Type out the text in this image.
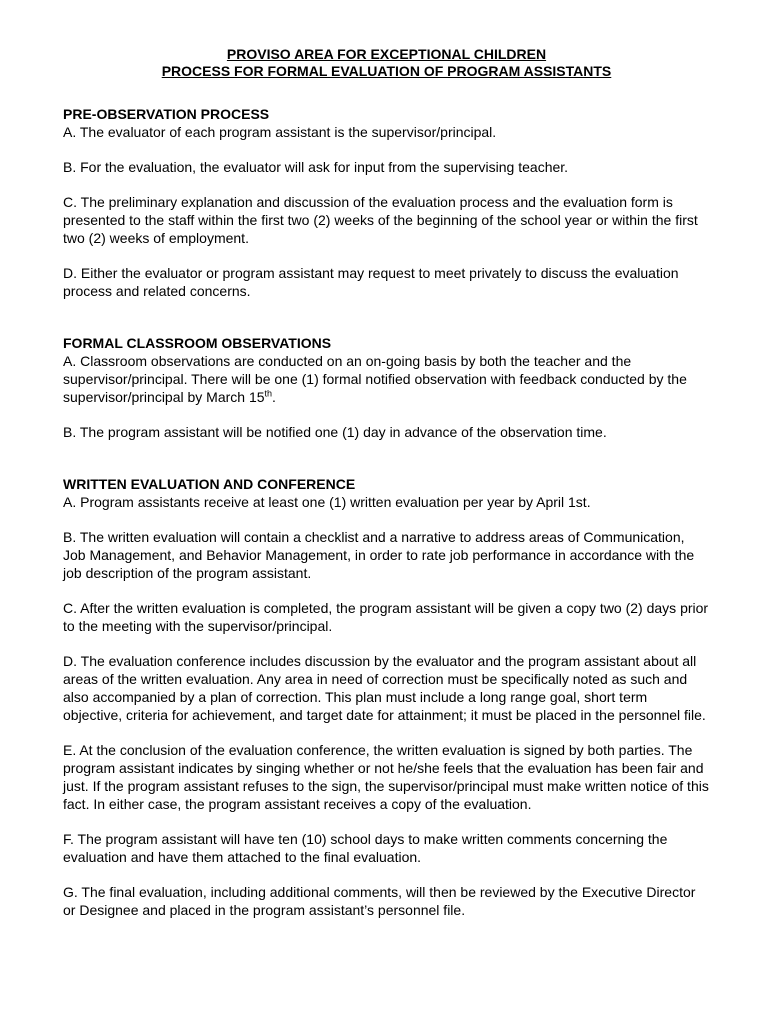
PROVISO AREA FOR EXCEPTIONAL CHILDREN
PROCESS FOR FORMAL EVALUATION OF PROGRAM ASSISTANTS
PRE-OBSERVATION PROCESS

A. The evaluator of each program assistant is the supervisor/principal.

B. For the evaluation, the evaluator will ask for input from the supervising teacher.

C. The preliminary explanation and discussion of the evaluation process and the evaluation form is presented to the staff within the first two (2) weeks of the beginning of the school year or within the first two (2) weeks of employment.

D. Either the evaluator or program assistant may request to meet privately to discuss the evaluation process and related concerns.

FORMAL CLASSROOM OBSERVATIONS

A. Classroom observations are conducted on an on-going basis by both the teacher and the supervisor/principal. There will be one (1) formal notified observation with feedback conducted by the supervisor/principal by March 15th.

B. The program assistant will be notified one (1) day in advance of the observation time.

WRITTEN EVALUATION AND CONFERENCE

A. Program assistants receive at least one (1) written evaluation per year by April 1st.

B. The written evaluation will contain a checklist and a narrative to address areas of Communication, Job Management, and Behavior Management, in order to rate job performance in accordance with the job description of the program assistant.

C. After the written evaluation is completed, the program assistant will be given a copy two (2) days prior to the meeting with the supervisor/principal.

D. The evaluation conference includes discussion by the evaluator and the program assistant about all areas of the written evaluation. Any area in need of correction must be specifically noted as such and also accompanied by a plan of correction. This plan must include a long range goal, short term objective, criteria for achievement, and target date for attainment; it must be placed in the personnel file.

E. At the conclusion of the evaluation conference, the written evaluation is signed by both parties. The program assistant indicates by singing whether or not he/she feels that the evaluation has been fair and just. If the program assistant refuses to the sign, the supervisor/principal must make written notice of this fact. In either case, the program assistant receives a copy of the evaluation.

F. The program assistant will have ten (10) school days to make written comments concerning the evaluation and have them attached to the final evaluation.

G. The final evaluation, including additional comments, will then be reviewed by the Executive Director or Designee and placed in the program assistant’s personnel file.
